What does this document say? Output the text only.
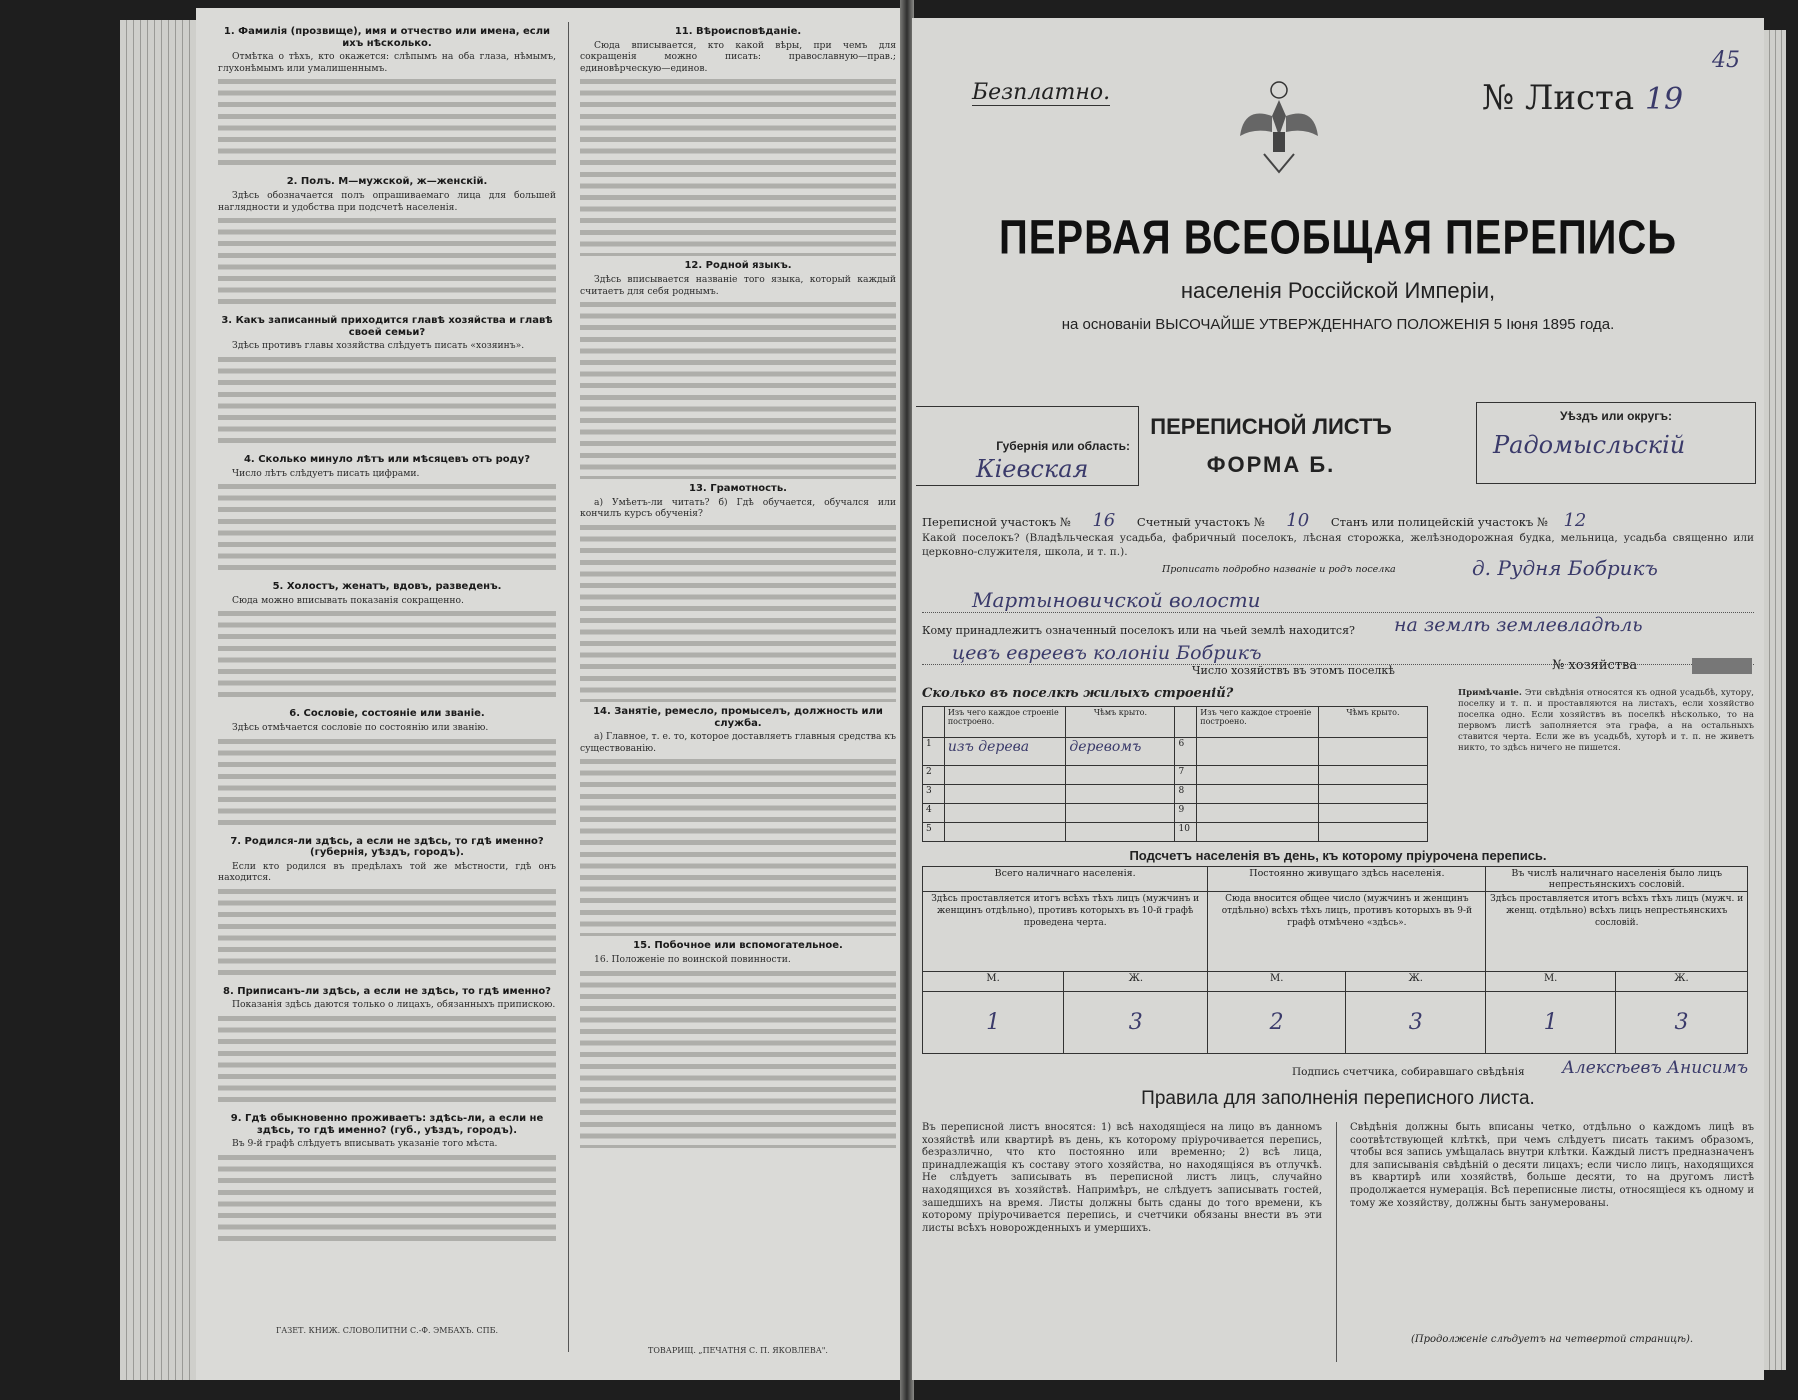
1. Фамилія (прозвище), имя и отчество или имена, если ихъ нѣсколько.

Отмѣтка о тѣхъ, кто окажется: слѣпымъ на оба глаза, нѣмымъ, глухонѣмымъ или умалишеннымъ.

2. Полъ. М—мужской, ж—женскій.

Здѣсь обозначается полъ опрашиваемаго лица для большей наглядности и удобства при подсчетѣ населенія.

3. Какъ записанный приходится главѣ хозяйства и главѣ своей семьи?

Здѣсь противъ главы хозяйства слѣдуетъ писать «хозяинъ».

4. Сколько минуло лѣтъ или мѣсяцевъ отъ роду?

Число лѣтъ слѣдуетъ писать цифрами.

5. Холостъ, женатъ, вдовъ, разведенъ.

Сюда можно вписывать показанія сокращенно.

6. Сословіе, состояніе или званіе.

Здѣсь отмѣчается сословіе по состоянію или званію.

7. Родился-ли здѣсь, а если не здѣсь, то гдѣ именно? (губернія, уѣздъ, городъ).

Если кто родился въ предѣлахъ той же мѣстности, гдѣ онъ находится.

8. Приписанъ-ли здѣсь, а если не здѣсь, то гдѣ именно?

Показанія здѣсь даются только о лицахъ, обязанныхъ припискою.

9. Гдѣ обыкновенно проживаетъ: здѣсь-ли, а если не здѣсь, то гдѣ именно? (губ., уѣздъ, городъ).

Въ 9-й графѣ слѣдуетъ вписывать указаніе того мѣста.

ГАЗЕТ. КНИЖ. СЛОВОЛИТНИ С.-Ф. ЭМБАХЪ. СПБ.
11. Вѣроисповѣданіе.

Сюда вписывается, кто какой вѣры, при чемъ для сокращенія можно писать: православную—прав.; единовѣрческую—единов.

12. Родной языкъ.

Здѣсь вписывается названіе того языка, который каждый считаетъ для себя роднымъ.

13. Грамотность.

а) Умѣетъ-ли читать? б) Гдѣ обучается, обучался или кончилъ курсъ обученія?

14. Занятіе, ремесло, промыселъ, должность или служба.

а) Главное, т. е. то, которое доставляетъ главныя средства къ существованію.

15. Побочное или вспомогательное.

16. Положеніе по воинской повинности.

ТОВАРИЩ. „ПЕЧАТНЯ С. П. ЯКОВЛЕВА".
Безплатно.	№ Листа 19
45
ПЕРВАЯ ВСЕОБЩАЯ ПЕРЕПИСЬ
населенія Россійской Имперіи,
на основаніи ВЫСОЧАЙШЕ УТВЕРЖДЕННАГО ПОЛОЖЕНІЯ 5 Іюня 1895 года.
Губернія или область:
Кіевская
ПЕРЕПИСНОЙ ЛИСТЪ
ФОРМА Б.
Уѣздъ или округъ:
Радомысльскій
Переписной участокъ № 16 Счетный участокъ № 10 Станъ или полицейскій участокъ № 12
Какой поселокъ? (Владѣльческая усадьба, фабричный поселокъ, лѣсная сторожка, желѣзнодорожная будка, мельница, усадьба священно или церковно-служителя, школа, и т. п.).
Прописать подробно названіе и родъ поселка	д. Рудня Бобрикъ
Мартыновичской волости
Кому принадлежитъ означенный поселокъ или на чьей землѣ находится? на землѣ землевладѣль
цевъ евреевъ колоніи Бобрикъ
Число хозяйствъ въ этомъ поселкѣ	№ хозяйства
Сколько въ поселкѣ жилыхъ строеній?
	Изъ чего каждое строеніе построено.	Чѣмъ крыто.		Изъ чего каждое строеніе построено.	Чѣмъ крыто.
1	изъ дерева	деревомъ	6		
2			7		
3			8		
4			9		
5			10		
Примѣчаніе. Эти свѣдѣнія относятся къ одной усадьбѣ, хутору, поселку и т. п. и проставляются на листахъ, если хозяйство поселка одно. Если хозяйствъ въ поселкѣ нѣсколько, то на первомъ листѣ заполняется эта графа, а на остальныхъ ставится черта. Если же въ усадьбѣ, хуторѣ и т. п. не живетъ никто, то здѣсь ничего не пишется.
Подсчетъ населенія въ день, къ которому пріурочена перепись.
Всего наличнаго населенія.		Постоянно живущаго здѣсь населенія.		Въ числѣ наличнаго населенія было лицъ непрестьянскихъ сословій.	
Здѣсь проставляется итогъ всѣхъ тѣхъ лицъ (мужчинъ и женщинъ отдѣльно), противъ которыхъ въ 10-й графѣ проведена черта.		Сюда вносится общее число (мужчинъ и женщинъ отдѣльно) всѣхъ тѣхъ лицъ, противъ которыхъ въ 9-й графѣ отмѣчено «здѣсь».		Здѣсь проставляется итогъ всѣхъ тѣхъ лицъ (мужч. и женщ. отдѣльно) всѣхъ лицъ непрестьянскихъ сословій.	
М.	Ж.	М.	Ж.	М.	Ж.
1	3	2	3	1	3
Подпись счетчика, собиравшаго свѣдѣнія Алексѣевъ Анисимъ
Правила для заполненія переписного листа.
Въ переписной листъ вносятся: 1) всѣ находящіеся на лицо въ данномъ хозяйствѣ или квартирѣ въ день, къ которому пріурочивается перепись, безразлично, что кто постоянно или временно; 2) всѣ лица, принадлежащія къ составу этого хозяйства, но находящіяся въ отлучкѣ. Не слѣдуетъ записывать въ переписной листъ лицъ, случайно находящихся въ хозяйствѣ. Напримѣръ, не слѣдуетъ записывать гостей, зашедшихъ на время. Листы должны быть сданы до того времени, къ которому пріурочивается перепись, и счетчики обязаны внести въ эти листы всѣхъ новорожденныхъ и умершихъ.
Свѣдѣнія должны быть вписаны четко, отдѣльно о каждомъ лицѣ въ соотвѣтствующей клѣткѣ, при чемъ слѣдуетъ писать такимъ образомъ, чтобы вся запись умѣщалась внутри клѣтки. Каждый листъ предназначенъ для записыванія свѣдѣній о десяти лицахъ; если число лицъ, находящихся въ квартирѣ или хозяйствѣ, больше десяти, то на другомъ листѣ продолжается нумерація. Всѣ переписные листы, относящіеся къ одному и тому же хозяйству, должны быть занумерованы.
(Продолженіе слѣдуетъ на четвертой страницѣ).
